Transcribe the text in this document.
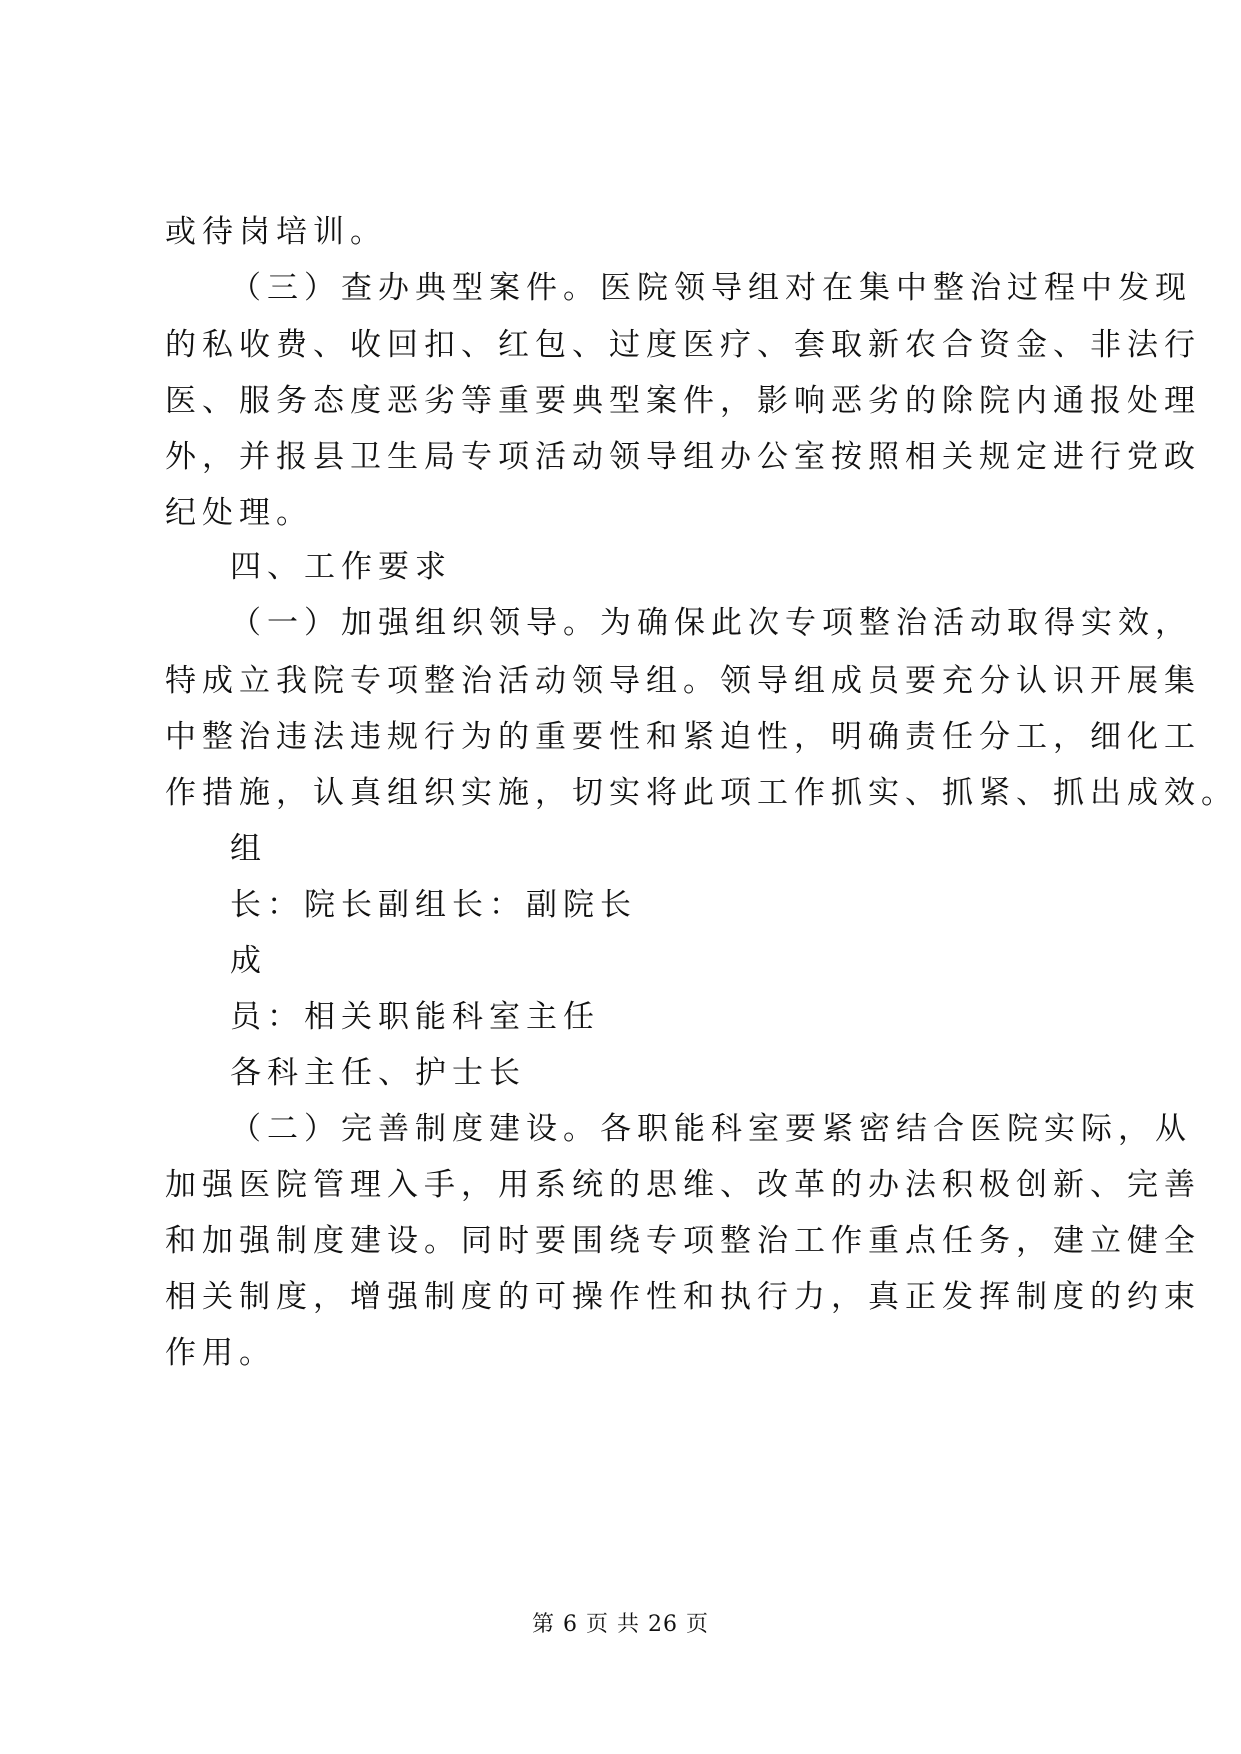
或待岗培训。
（三）查办典型案件。医院领导组对在集中整治过程中发现
的私收费、收回扣、红包、过度医疗、套取新农合资金、非法行
医、服务态度恶劣等重要典型案件，影响恶劣的除院内通报处理
外，并报县卫生局专项活动领导组办公室按照相关规定进行党政
纪处理。
四、工作要求
（一）加强组织领导。为确保此次专项整治活动取得实效，
特成立我院专项整治活动领导组。领导组成员要充分认识开展集
中整治违法违规行为的重要性和紧迫性，明确责任分工，细化工
作措施，认真组织实施，切实将此项工作抓实、抓紧、抓出成效。
组
长：院长副组长：副院长
成
员：相关职能科室主任
各科主任、护士长
（二）完善制度建设。各职能科室要紧密结合医院实际，从
加强医院管理入手，用系统的思维、改革的办法积极创新、完善
和加强制度建设。同时要围绕专项整治工作重点任务，建立健全
相关制度，增强制度的可操作性和执行力，真正发挥制度的约束
作用。
第 6 页 共 26 页
